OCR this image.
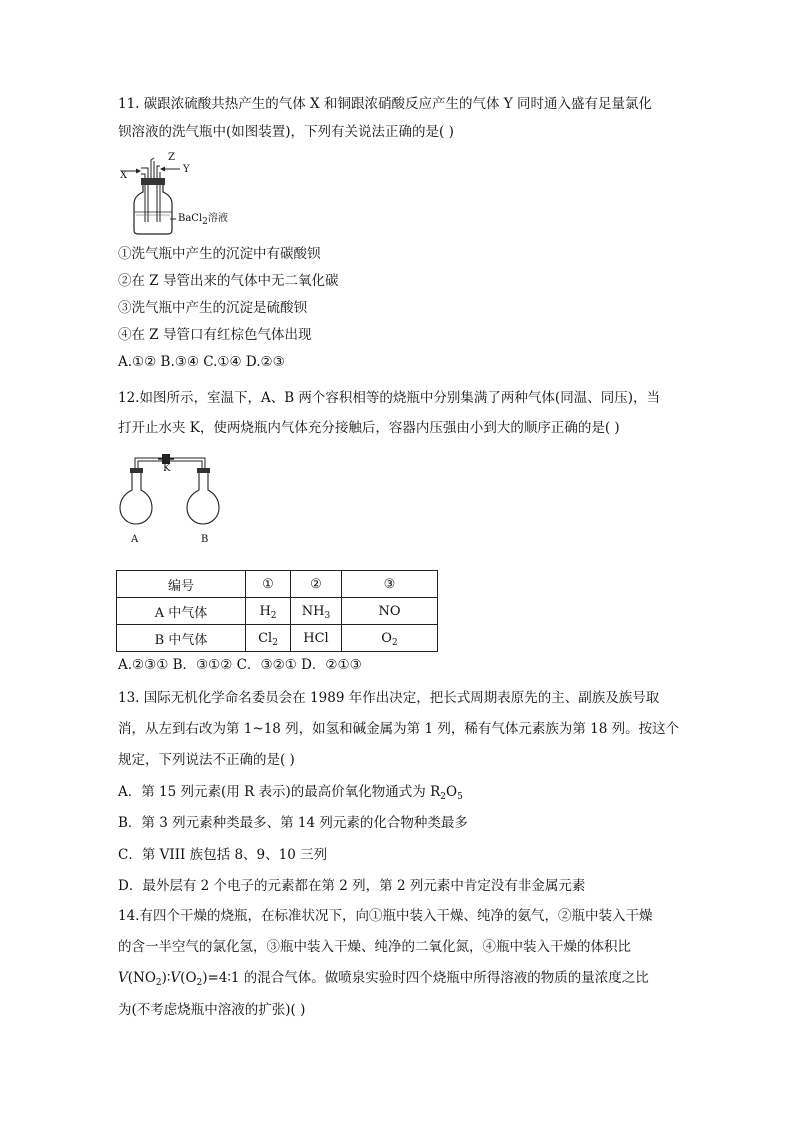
11. 碳跟浓硫酸共热产生的气体 X 和铜跟浓硝酸反应产生的气体 Y 同时通入盛有足量氯化
钡溶液的洗气瓶中(如图装置)，下列有关说法正确的是( )
X
Z
Y
BaCl$_2$溶液
①洗气瓶中产生的沉淀中有碳酸钡
②在 Z 导管出来的气体中无二氧化碳
③洗气瓶中产生的沉淀是硫酸钡
④在 Z 导管口有红棕色气体出现
A.①② B.③④ C.①④ D.②③
12.如图所示，室温下，A、B 两个容积相等的烧瓶中分别集满了两种气体(同温、同压)，当
打开止水夹 K，使两烧瓶内气体充分接触后，容器内压强由小到大的顺序正确的是( )
K
A	B
编号	①	②	③
A 中气体	$H_2$	$NH_3$	NO
B 中气体	$Cl_2$	HCl	$O_2$
A.②③① B．③①② C．③②① D．②①③
13. 国际无机化学命名委员会在 1989 年作出决定，把长式周期表原先的主、副族及族号取
消，从左到右改为第 1~18 列，如氢和碱金属为第 1 列，稀有气体元素族为第 18 列。按这个
规定，下列说法不正确的是( )
A．第 15 列元素(用 R 表示)的最高价氧化物通式为 $R_2O_5$
B．第 3 列元素种类最多、第 14 列元素的化合物种类最多
C．第 VIII 族包括 8、9、10 三列
D．最外层有 2 个电子的元素都在第 2 列，第 2 列元素中肯定没有非金属元素
14.有四个干燥的烧瓶，在标准状况下，向①瓶中装入干燥、纯净的氨气，②瓶中装入干燥
的含一半空气的氯化氢，③瓶中装入干燥、纯净的二氧化氮，④瓶中装入干燥的体积比
$V(NO_2)∶V(O_2)=4∶1$ 的混合气体。做喷泉实验时四个烧瓶中所得溶液的物质的量浓度之比
为(不考虑烧瓶中溶液的扩张)( )
